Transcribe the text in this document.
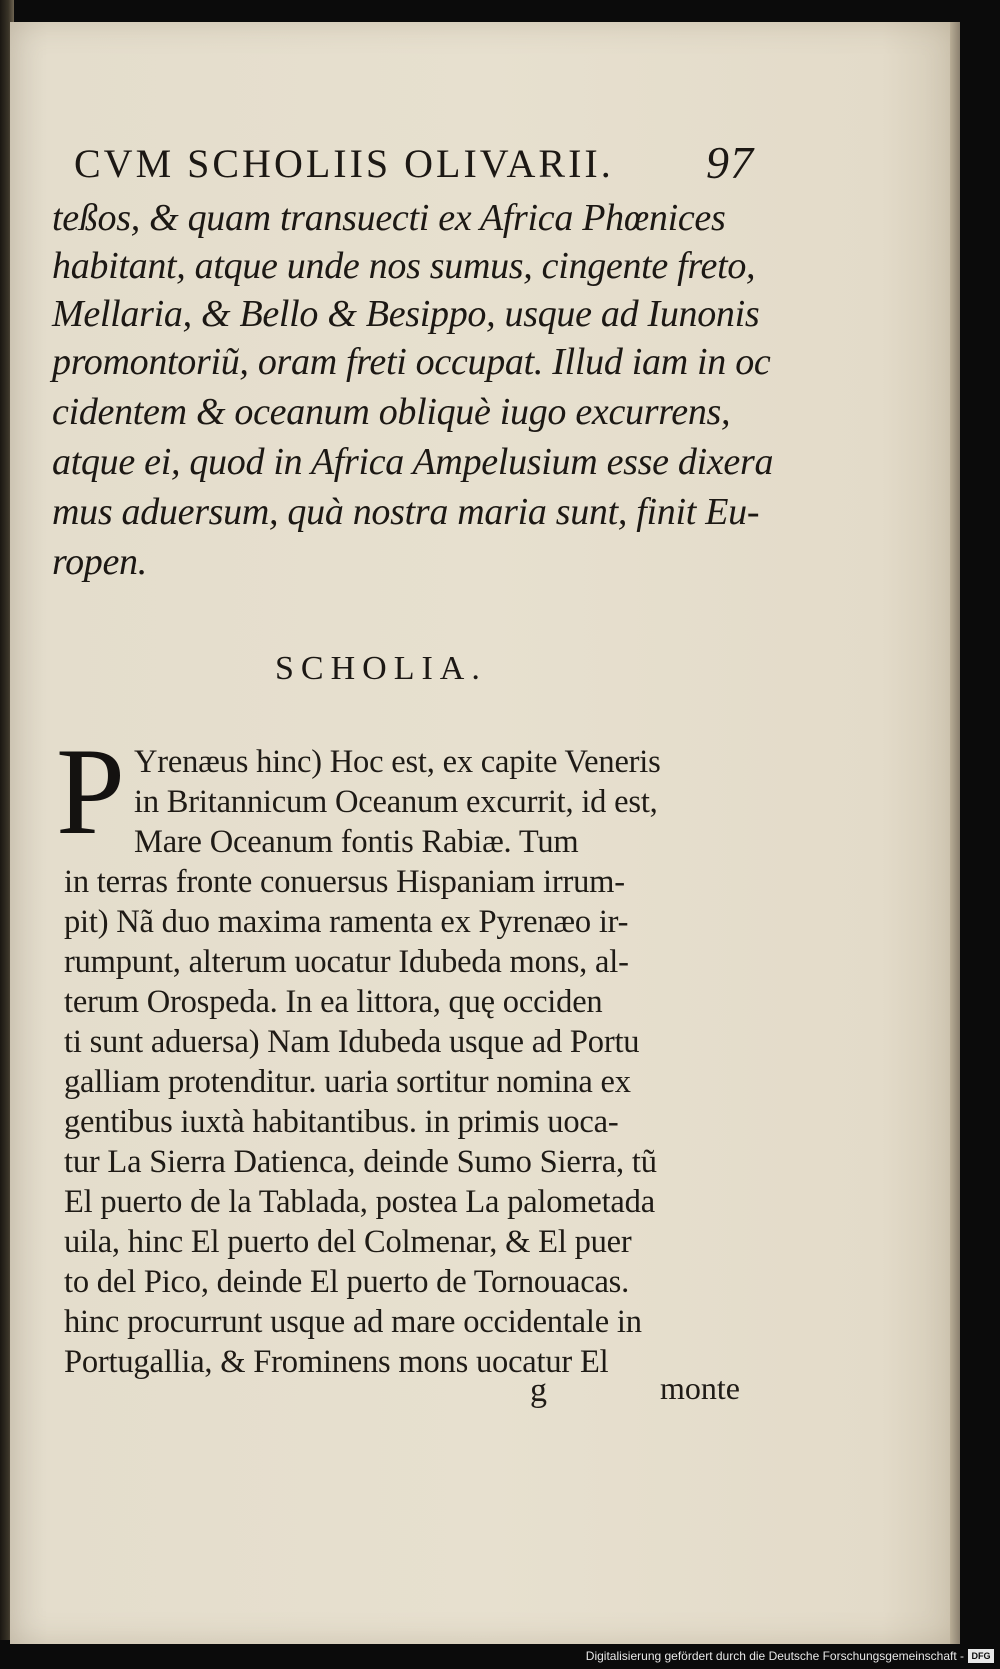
CVM SCHOLIIS OLIVARII. 97
teßos, & quam transuecti ex Africa Phœnices
habitant, atque unde nos sumus, cingente freto,
Mellaria, & Bello & Besippo, usque ad Iunonis
promontoriũ, oram freti occupat. Illud iam in oc
cidentem & oceanum obliquè iugo excurrens,
atque ei, quod in Africa Ampelusium esse dixera
mus aduersum, quà nostra maria sunt, finit Eu-
ropen.
SCHOLIA.
P Yrenæus hinc) Hoc est, ex capite Veneris
in Britannicum Oceanum excurrit, id est,
Mare Oceanum fontis Rabiæ. Tum
in terras fronte conuersus Hispaniam irrum-
pit) Nã duo maxima ramenta ex Pyrenæo ir-
rumpunt, alterum uocatur Idubeda mons, al-
terum Orospeda. In ea littora, quę occiden
ti sunt aduersa) Nam Idubeda usque ad Portu
galliam protenditur. uaria sortitur nomina ex
gentibus iuxtà habitantibus. in primis uoca-
tur La Sierra Datienca, deinde Sumo Sierra, tũ
El puerto de la Tablada, postea La palometada
uila, hinc El puerto del Colmenar, & El puer
to del Pico, deinde El puerto de Tornouacas.
hinc procurrunt usque ad mare occidentale in
Portugallia, & Frominens mons uocatur El
g	monte
Digitalisierung gefördert durch die Deutsche Forschungsgemeinschaft - DFG
